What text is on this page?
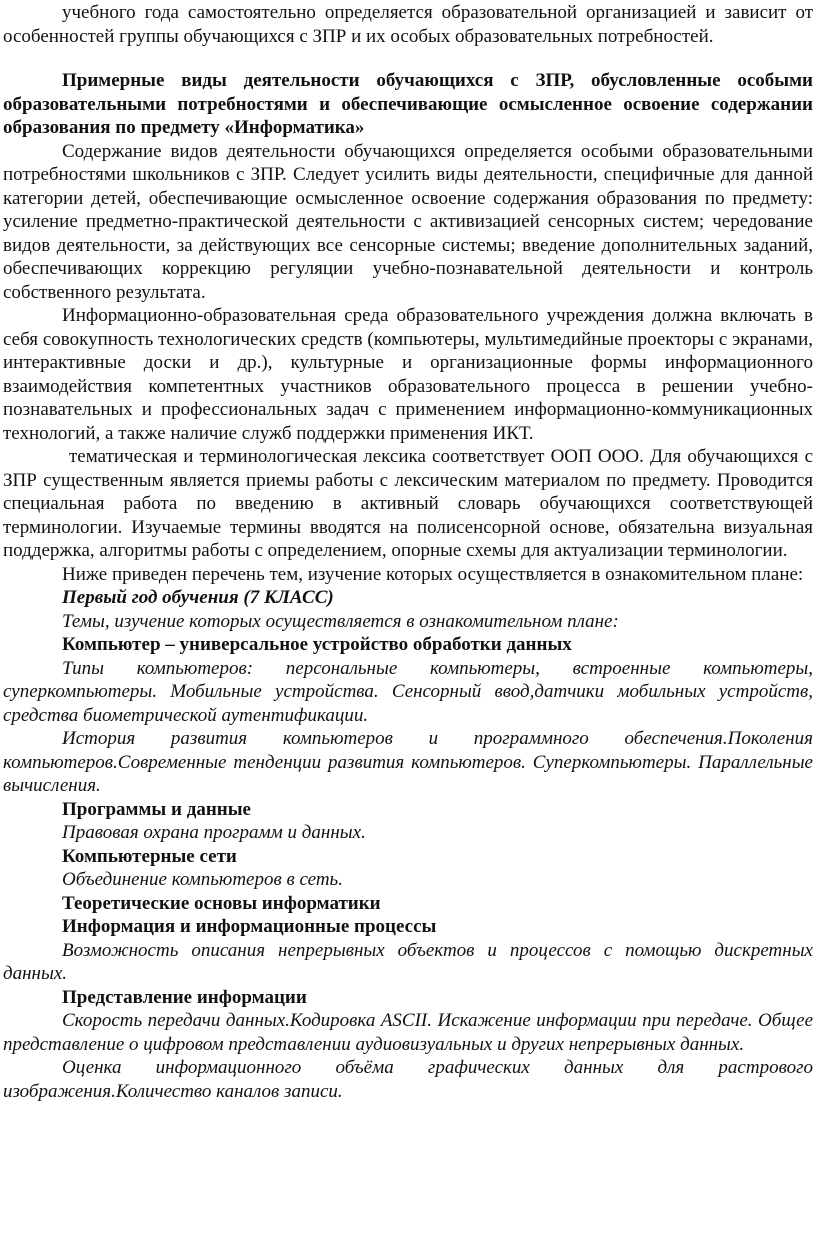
учебного года самостоятельно определяется образовательной организацией и зависит от особенностей группы обучающихся с ЗПР и их особых образовательных потребностей.

Примерные виды деятельности обучающихся с ЗПР, обусловленные особыми образовательными потребностями и обеспечивающие осмысленное освоение содержании образования по предмету «Информатика»

Содержание видов деятельности обучающихся определяется особыми образовательными потребностями школьников с ЗПР. Следует усилить виды деятельности, специфичные для данной категории детей, обеспечивающие осмысленное освоение содержания образования по предмету: усиление предметно-практической деятельности с активизацией сенсорных систем; чередование видов деятельности, за действующих все сенсорные системы; введение дополнительных заданий, обеспечивающих коррекцию регуляции учебно-познавательной деятельности и контроль собственного результата.

Информационно-образовательная среда образовательного учреждения должна включать в себя совокупность технологических средств (компьютеры, мультимедийные проекторы с экранами, интерактивные доски и др.), культурные и организационные формы информационного взаимодействия компетентных участников образовательного процесса в решении учебно-познавательных и профессиональных задач с применением информационно-коммуникационных технологий, а также наличие служб поддержки применения ИКТ.

тематическая и терминологическая лексика соответствует ООП ООО. Для обучающихся с ЗПР существенным является приемы работы с лексическим материалом по предмету. Проводится специальная работа по введению в активный словарь обучающихся соответствующей терминологии. Изучаемые термины вводятся на полисенсорной основе, обязательна визуальная поддержка, алгоритмы работы с определением, опорные схемы для актуализации терминологии.

Ниже приведен перечень тем, изучение которых осуществляется в ознакомительном плане:

Первый год обучения (7 КЛАСС)

Темы, изучение которых осуществляется в ознакомительном плане:

Компьютер – универсальное устройство обработки данных

Типы компьютеров: персональные компьютеры, встроенные компьютеры, суперкомпьютеры. Мобильные устройства. Сенсорный ввод,датчики мобильных устройств, средства биометрической аутентификации.

История развития компьютеров и программного обеспечения.Поколения компьютеров.Современные тенденции развития компьютеров. Суперкомпьютеры. Параллельные вычисления.

Программы и данные

Правовая охрана программ и данных.

Компьютерные сети

Объединение компьютеров в сеть.

Теоретические основы информатики

Информация и информационные процессы

Возможность описания непрерывных объектов и процессов с помощью дискретных данных.

Представление информации

Скорость передачи данных.Кодировка ASCII. Искажение информации при передаче. Общее представление о цифровом представлении аудиовизуальных и других непрерывных данных.

Оценка информационного объёма графических данных для растрового изображения.Количество каналов записи.
